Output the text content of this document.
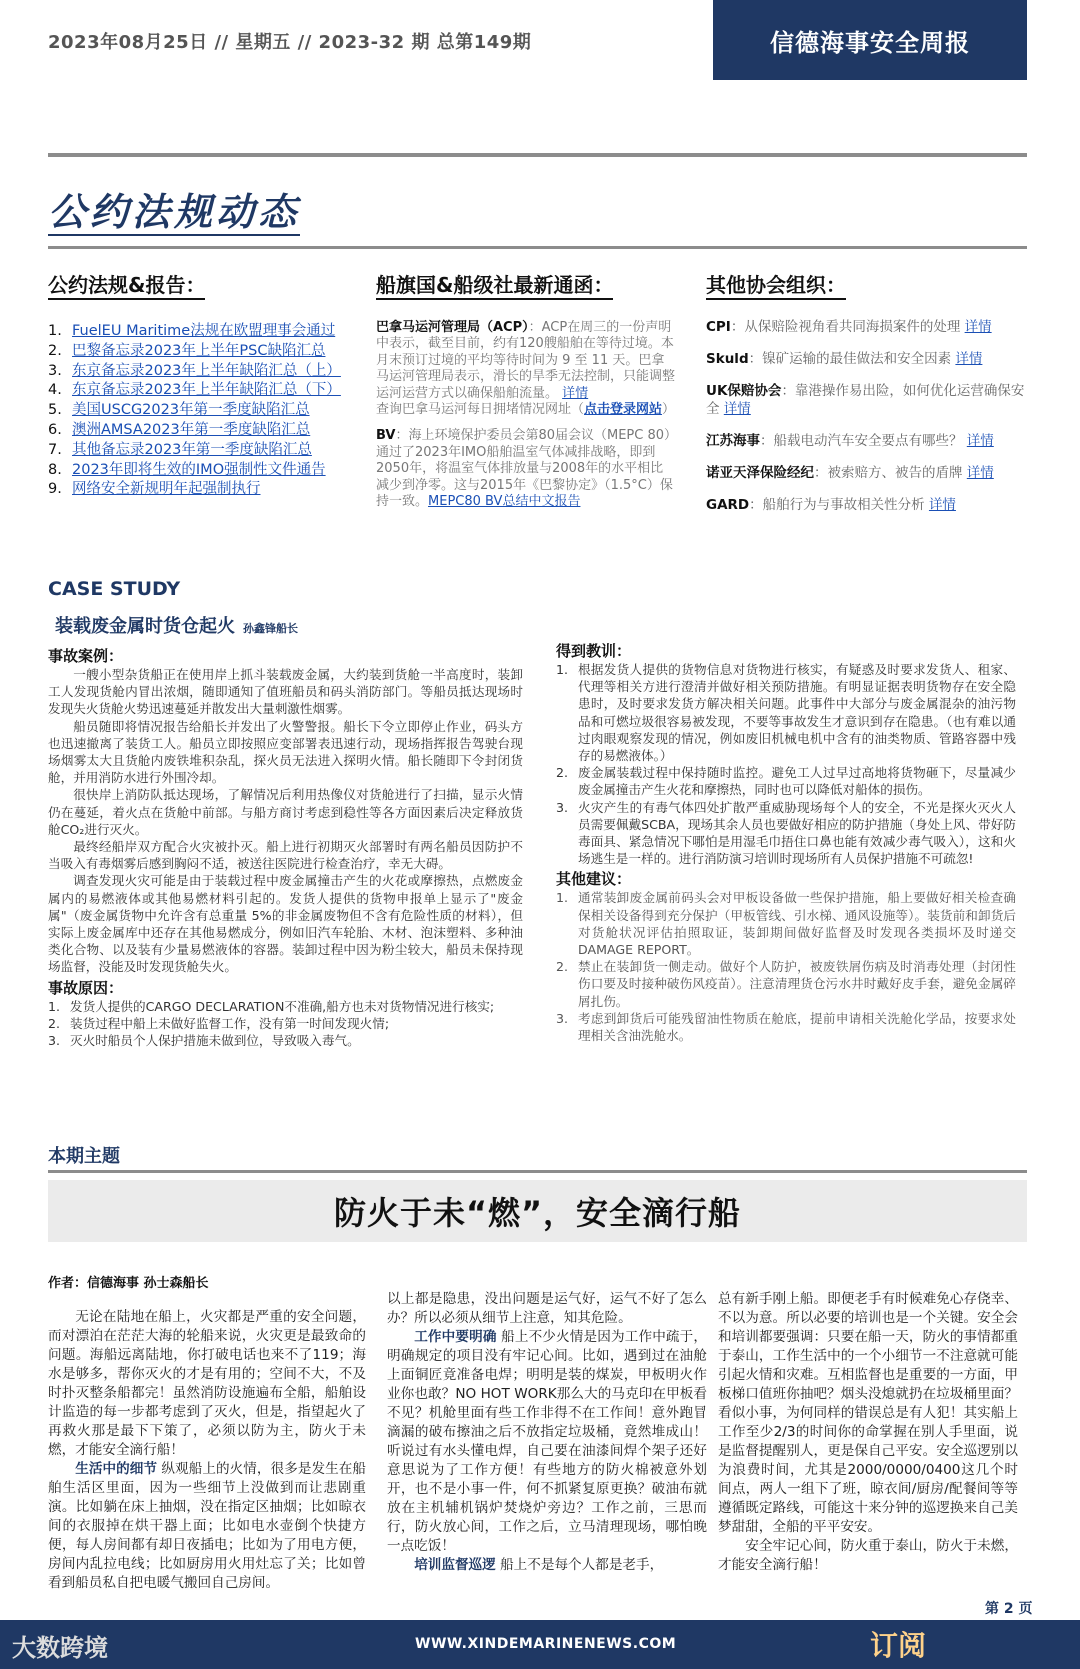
2023年08月25日 // 星期五 // 2023-32 期 总第149期	信德海事安全周报
公约法规动态
公约法规&报告：
1. FuelEU Maritime法规在欧盟理事会通过
2. 巴黎备忘录2023年上半年PSC缺陷汇总
3. 东京备忘录2023年上半年缺陷汇总（上）
4. 东京备忘录2023年上半年缺陷汇总（下）
5. 美国USCG2023年第一季度缺陷汇总
6. 澳洲AMSA2023年第一季度缺陷汇总
7. 其他备忘录2023年第一季度缺陷汇总
8. 2023年即将生效的IMO强制性文件通告
9. 网络安全新规明年起强制执行
船旗国&船级社最新通函：
巴拿马运河管理局（ACP）：ACP在周三的一份声明中表示，截至目前，约有120艘船舶在等待过境。本月末预订过境的平均等待时间为 9 至 11 天。巴拿马运河管理局表示，滑长的旱季无法控制，只能调整运河运营方式以确保船舶流量。 详情
查询巴拿马运河每日拥堵情况网址（点击登录网站）
BV：海上环境保护委员会第80届会议（MEPC 80）通过了2023年IMO船舶温室气体减排战略，即到2050年，将温室气体排放量与2008年的水平相比减少到净零。这与2015年《巴黎协定》（1.5°C）保持一致。MEPC80 BV总结中文报告
其他协会组织：
CPI：从保赔险视角看共同海损案件的处理 详情
Skuld：镍矿运输的最佳做法和安全因素 详情
UK保赔协会：靠港操作易出险，如何优化运营确保安全 详情
江苏海事：船载电动汽车安全要点有哪些？ 详情
诺亚天泽保险经纪：被索赔方、被告的盾牌 详情
GARD：船舶行为与事故相关性分析 详情
CASE STUDY
装载废金属时货仓起火 孙鑫锋船长
事故案例：

一艘小型杂货船正在使用岸上抓斗装载废金属，大约装到货舱一半高度时，装卸工人发现货舱内冒出浓烟，随即通知了值班船员和码头消防部门。等船员抵达现场时发现失火货舱火势迅速蔓延并散发出大量刺激性烟雾。

船员随即将情况报告给船长并发出了火警警报。船长下令立即停止作业，码头方也迅速撤离了装货工人。船员立即按照应变部署表迅速行动，现场指挥报告驾驶台现场烟雾太大且货舱内废铁堆积杂乱，探火员无法进入探明火情。船长随即下令封闭货舱，并用消防水进行外围冷却。

很快岸上消防队抵达现场，了解情况后利用热像仪对货舱进行了扫描，显示火情仍在蔓延，着火点在货舱中前部。与船方商讨考虑到稳性等各方面因素后决定释放货舱CO₂进行灭火。

最终经船岸双方配合火灾被扑灭。船上进行初期灭火部署时有两名船员因防护不当吸入有毒烟雾后感到胸闷不适，被送往医院进行检查治疗，幸无大碍。

调查发现火灾可能是由于装载过程中废金属撞击产生的火花或摩擦热，点燃废金属内的易燃液体或其他易燃材料引起的。发货人提供的货物申报单上显示了"废金属"（废金属货物中允许含有总重量 5%的非金属废物但不含有危险性质的材料），但实际上废金属库中还存在其他易燃成分，例如旧汽车轮胎、木材、泡沫塑料、多种油类化合物、以及装有少量易燃液体的容器。装卸过程中因为粉尘较大，船员未保持现场监督，没能及时发现货舱失火。

事故原因：
1. 发货人提供的CARGO DECLARATION不准确,船方也未对货物情况进行核实;
2. 装货过程中船上未做好监督工作，没有第一时间发现火情;
3. 灭火时船员个人保护措施未做到位，导致吸入毒气。
得到教训：
1. 根据发货人提供的货物信息对货物进行核实，有疑惑及时要求发货人、租家、代理等相关方进行澄清并做好相关预防措施。有明显证据表明货物存在安全隐患时，及时要求发货方解决相关问题。此事件中大部分与废金属混杂的油污物品和可燃垃圾很容易被发现，不要等事故发生才意识到存在隐患。（也有难以通过肉眼观察发现的情况，例如废旧机械电机中含有的油类物质、管路容器中残存的易燃液体。）
2. 废金属装载过程中保持随时监控。避免工人过早过高地将货物砸下，尽量减少废金属撞击产生火花和摩擦热，同时也可以降低对船体的损伤。
3. 火灾产生的有毒气体四处扩散严重威胁现场每个人的安全，不光是探火灭火人员需要佩戴SCBA，现场其余人员也要做好相应的防护措施（身处上风、带好防毒面具、紧急情况下哪怕是用湿毛巾捂住口鼻也能有效减少毒气吸入），这和火场逃生是一样的。进行消防演习培训时现场所有人员保护措施不可疏忽!
其他建议：
1. 通常装卸废金属前码头会对甲板设备做一些保护措施，船上要做好相关检查确保相关设备得到充分保护（甲板管线、引水梯、通风设施等）。装货前和卸货后对货舱状况评估拍照取证，装卸期间做好监督及时发现各类损坏及时递交DAMAGE REPORT。
2. 禁止在装卸货一侧走动。做好个人防护，被废铁屑伤病及时消毒处理（封闭性伤口要及时接种破伤风疫苗）。注意清理货仓污水井时戴好皮手套，避免金属碎屑扎伤。
3. 考虑到卸货后可能残留油性物质在舱底，提前申请相关洗舱化学品，按要求处理相关含油洗舱水。
本期主题
防火于未“燃”，安全滴行船
作者：信德海事 孙士森船长

无论在陆地在船上，火灾都是严重的安全问题，而对漂泊在茫茫大海的轮船来说，火灾更是最致命的问题。海船远离陆地，你打破电话也来不了119；海水是够多，帮你灭火的才是有用的；空间不大，不及时扑灭整条船都完！虽然消防设施遍布全船，船舶设计监造的每一步都考虑到了灭火，但是，指望起火了再救火那是最下下策了，必须以防为主，防火于未燃，才能安全滴行船！

生活中的细节 纵观船上的火情，很多是发生在船舶生活区里面，因为一些细节上没做到而让悲剧重演。比如躺在床上抽烟，没在指定区抽烟；比如晾衣间的衣服掉在烘干器上面；比如电水壶倒个快捷方便，每人房间都有却日夜插电；比如为了用电方便，房间内乱拉电线；比如厨房用火用灶忘了关；比如曾看到船员私自把电暖气搬回自己房间。

以上都是隐患，没出问题是运气好，运气不好了怎么办？所以必须从细节上注意，知其危险。

工作中要明确 船上不少火情是因为工作中疏于，明确规定的项目没有牢记心间。比如，遇到过在油舱上面铜匠竟准备电焊；明明是装的煤炭，甲板明火作业你也敢？NO HOT WORK那么大的马克印在甲板看不见？机舱里面有些工作非得不在工作间！意外跑冒滴漏的破布擦油之后不放指定垃圾桶，竟然堆成山！听说过有水头懂电焊，自己要在油漆间焊个架子还好意思说为了工作方便！有些地方的防火棉被意外划开，也不是小事一件，何不抓紧复原更换？破油布就放在主机辅机锅炉焚烧炉旁边？工作之前，三思而行，防火放心间，工作之后，立马清理现场，哪怕晚一点吃饭！

培训监督巡逻 船上不是每个人都是老手，

总有新手刚上船。即便老手有时候难免心存侥幸、不以为意。所以必要的培训也是一个关键。安全会和培训都要强调：只要在船一天，防火的事情都重于泰山，工作生活中的一个小细节一不注意就可能引起火情和灾难。互相监督也是重要的一方面，甲板梯口值班你抽吧？烟头没熄就扔在垃圾桶里面？看似小事，为何同样的错误总是有人犯！其实船上工作至少2/3的时间你的命掌握在别人手里面，说是监督提醒别人，更是保自己平安。安全巡逻别以为浪费时间，尤其是2000/0000/0400这几个时间点，两人一组下了班，晾衣间/厨房/配餐间等等遵循既定路线，可能这十来分钟的巡逻换来自己美梦甜甜，全船的平平安安。

安全牢记心间，防火重于泰山，防火于未燃，才能安全滴行船！

第 2 页
大数跨境	WWW.XINDEMARINENEWS.COM	订阅
